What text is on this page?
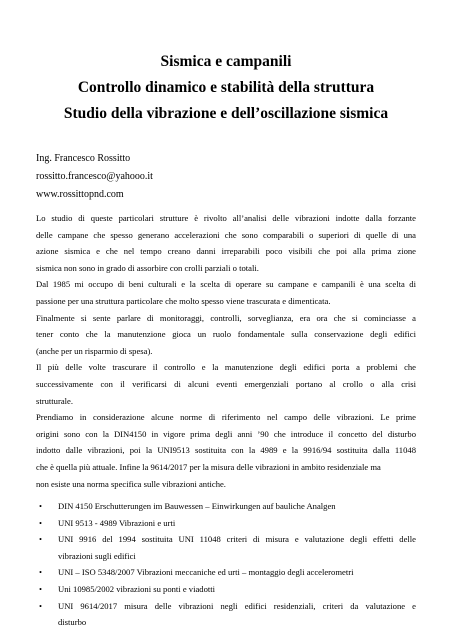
Sismica e campanili

Controllo dinamico e stabilità della struttura

Studio della vibrazione e dell’oscillazione sismica

Ing. Francesco Rossitto
rossitto.francesco@yahooo.it
www.rossittopnd.com
Lo studio di queste particolari strutture è rivolto all’analisi delle vibrazioni indotte dalla forzante
delle campane che spesso generano accelerazioni che sono comparabili o superiori di quelle di una
azione sismica e che nel tempo creano danni irreparabili poco visibili che poi alla prima zione
sismica non sono in grado di assorbire con crolli parziali o totali.
Dal 1985 mi occupo di beni culturali e la scelta di operare su campane e campanili è una scelta di
passione per una struttura particolare che molto spesso viene trascurata e dimenticata.
Finalmente si sente parlare di monitoraggi, controlli, sorveglianza, era ora che si cominciasse a
tener conto che la manutenzione gioca un ruolo fondamentale sulla conservazione degli edifici
(anche per un risparmio di spesa).
Il più delle volte trascurare il controllo e la manutenzione degli edifici porta a problemi che
successivamente con il verificarsi di alcuni eventi emergenziali portano al crollo o alla crisi
strutturale.
Prendiamo in considerazione alcune norme di riferimento nel campo delle vibrazioni. Le prime
origini sono con la DIN4150 in vigore prima degli anni ’90 che introduce il concetto del disturbo
indotto dalle vibrazioni, poi la UNI9513 sostituita con la 4989 e la 9916/94 sostituita dalla 11048
che è quella più attuale. Infine la 9614/2017 per la misura delle vibrazioni in ambito residenziale ma
non esiste una norma specifica sulle vibrazioni antiche.
• DIN 4150 Erschutterungen im Bauwessen – Einwirkungen auf bauliche Analgen
• UNI 9513 - 4989 Vibrazioni e urti
• UNI 9916 del 1994 sostituita UNI 11048 criteri di misura e valutazione degli effetti delle
vibrazioni sugli edifici
• UNI – ISO 5348/2007 Vibrazioni meccaniche ed urti – montaggio degli accelerometri
• Uni 10985/2002 vibrazioni su ponti e viadotti
• UNI 9614/2017 misura delle vibrazioni negli edifici residenziali, criteri da valutazione e
disturbo
